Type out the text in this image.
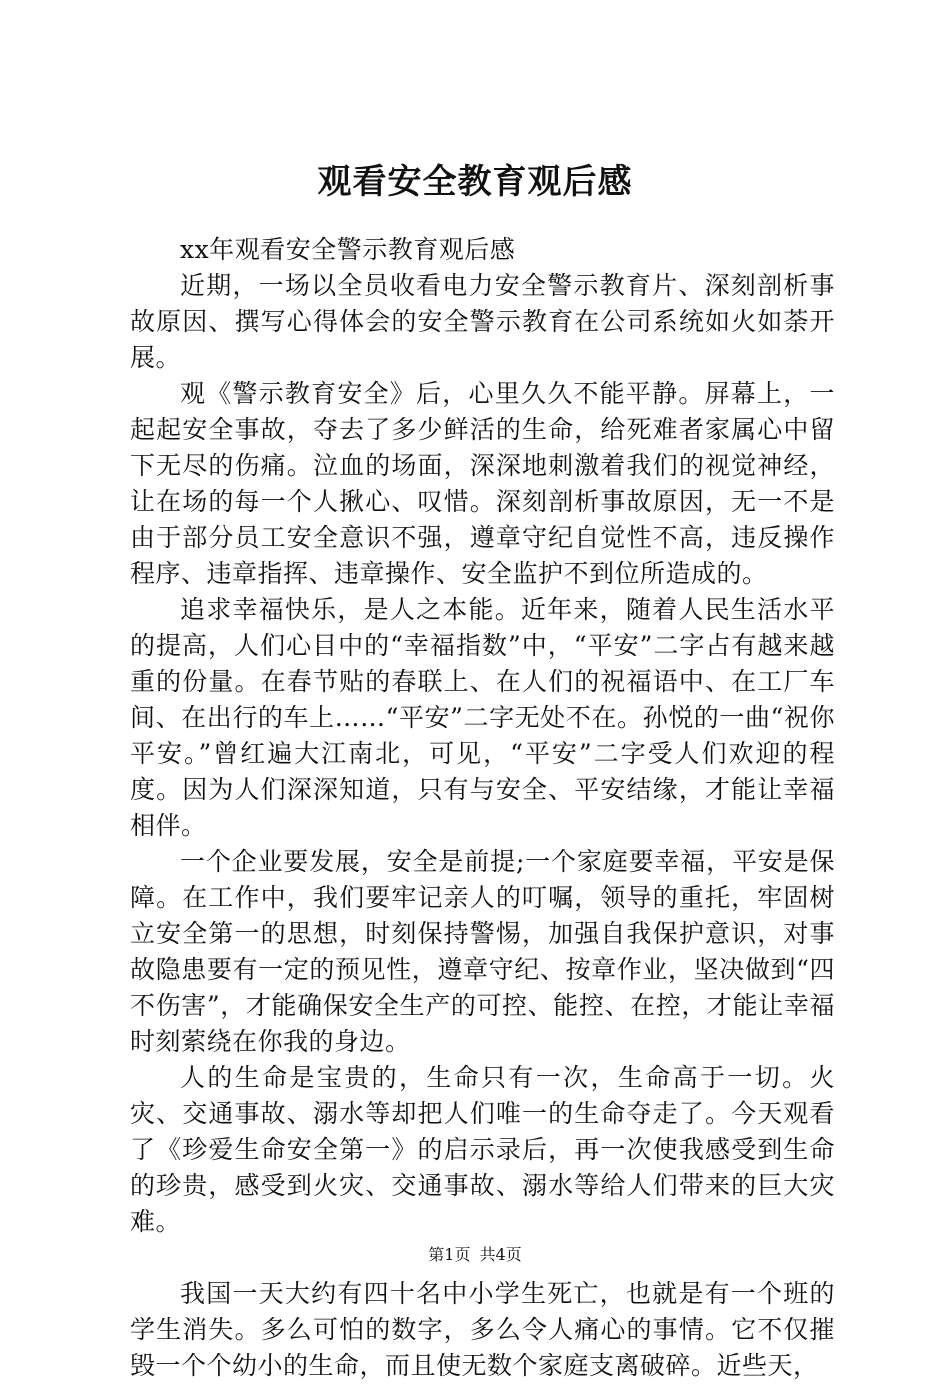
观看安全教育观后感

xx年观看安全警示教育观后感

近期，一场以全员收看电力安全警示教育片、深刻剖析事故原因、撰写心得体会的安全警示教育在公司系统如火如荼开展。

观《警示教育安全》后，心里久久不能平静。屏幕上，一起起安全事故，夺去了多少鲜活的生命，给死难者家属心中留下无尽的伤痛。泣血的场面，深深地刺激着我们的视觉神经，让在场的每一个人揪心、叹惜。深刻剖析事故原因，无一不是由于部分员工安全意识不强，遵章守纪自觉性不高，违反操作程序、违章指挥、违章操作、安全监护不到位所造成的。

追求幸福快乐，是人之本能。近年来，随着人民生活水平的提高，人们心目中的“幸福指数”中，“平安”二字占有越来越重的份量。在春节贴的春联上、在人们的祝福语中、在工厂车间、在出行的车上……“平安”二字无处不在。孙悦的一曲“祝你平安。”曾红遍大江南北，可见，“平安”二字受人们欢迎的程度。因为人们深深知道，只有与安全、平安结缘，才能让幸福相伴。

一个企业要发展，安全是前提;一个家庭要幸福，平安是保障。在工作中，我们要牢记亲人的叮嘱，领导的重托，牢固树立安全第一的思想，时刻保持警惕，加强自我保护意识，对事故隐患要有一定的预见性，遵章守纪、按章作业，坚决做到“四不伤害”，才能确保安全生产的可控、能控、在控，才能让幸福时刻萦绕在你我的身边。

人的生命是宝贵的，生命只有一次，生命高于一切。火灾、交通事故、溺水等却把人们唯一的生命夺走了。今天观看了《珍爱生命安全第一》的启示录后，再一次使我感受到生命的珍贵，感受到火灾、交通事故、溺水等给人们带来的巨大灾难。

我国一天大约有四十名中小学生死亡，也就是有一个班的学生消失。多么可怕的数字，多么令人痛心的事情。它不仅摧毁一个个幼小的生命，而且使无数个家庭支离破碎。近些天，

第1页 共4页
